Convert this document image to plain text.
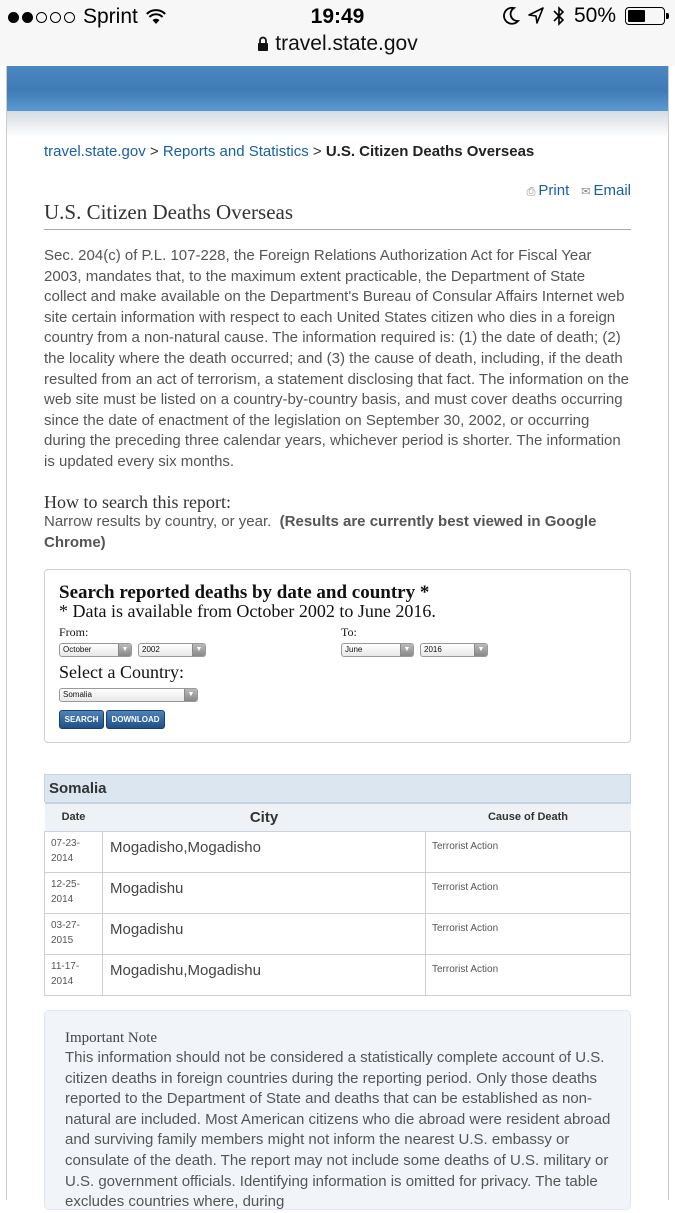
Sprint	19:49	50%
travel.state.gov
travel.state.gov > Reports and Statistics > U.S. Citizen Deaths Overseas
⎙ Print ✉ Email
U.S. Citizen Deaths Overseas
Sec. 204(c) of P.L. 107-228, the Foreign Relations Authorization Act for Fiscal Year 2003, mandates that, to the maximum extent practicable, the Department of State collect and make available on the Department's Bureau of Consular Affairs Internet web site certain information with respect to each United States citizen who dies in a foreign country from a non-natural cause. The information required is: (1) the date of death; (2) the locality where the death occurred; and (3) the cause of death, including, if the death resulted from an act of terrorism, a statement disclosing that fact. The information on the web site must be listed on a country-by-country basis, and must cover deaths occurring since the date of enactment of the legislation on September 30, 2002, or occurring during the preceding three calendar years, whichever period is shorter. The information is updated every six months.
How to search this report:
Narrow results by country, or year. (Results are currently best viewed in Google Chrome)
Search reported deaths by date and country *
* Data is available from October 2002 to June 2016.
From:
October	▼	2002	▼
To:
June	▼	2016	▼
Select a Country:
Somalia	▼
SEARCH	DOWNLOAD
Somalia
Date	City	Cause of Death
07-23-2014	Mogadisho,Mogadisho	Terrorist Action
12-25-2014	Mogadishu	Terrorist Action
03-27-2015	Mogadishu	Terrorist Action
11-17-2014	Mogadishu,Mogadishu	Terrorist Action
Important Note
This information should not be considered a statistically complete account of U.S. citizen deaths in foreign countries during the reporting period. Only those deaths reported to the Department of State and deaths that can be established as non-natural are included. Most American citizens who die abroad were resident abroad and surviving family members might not inform the nearest U.S. embassy or consulate of the death. The report may not include some deaths of U.S. military or U.S. government officials. Identifying information is omitted for privacy. The table excludes countries where, during
